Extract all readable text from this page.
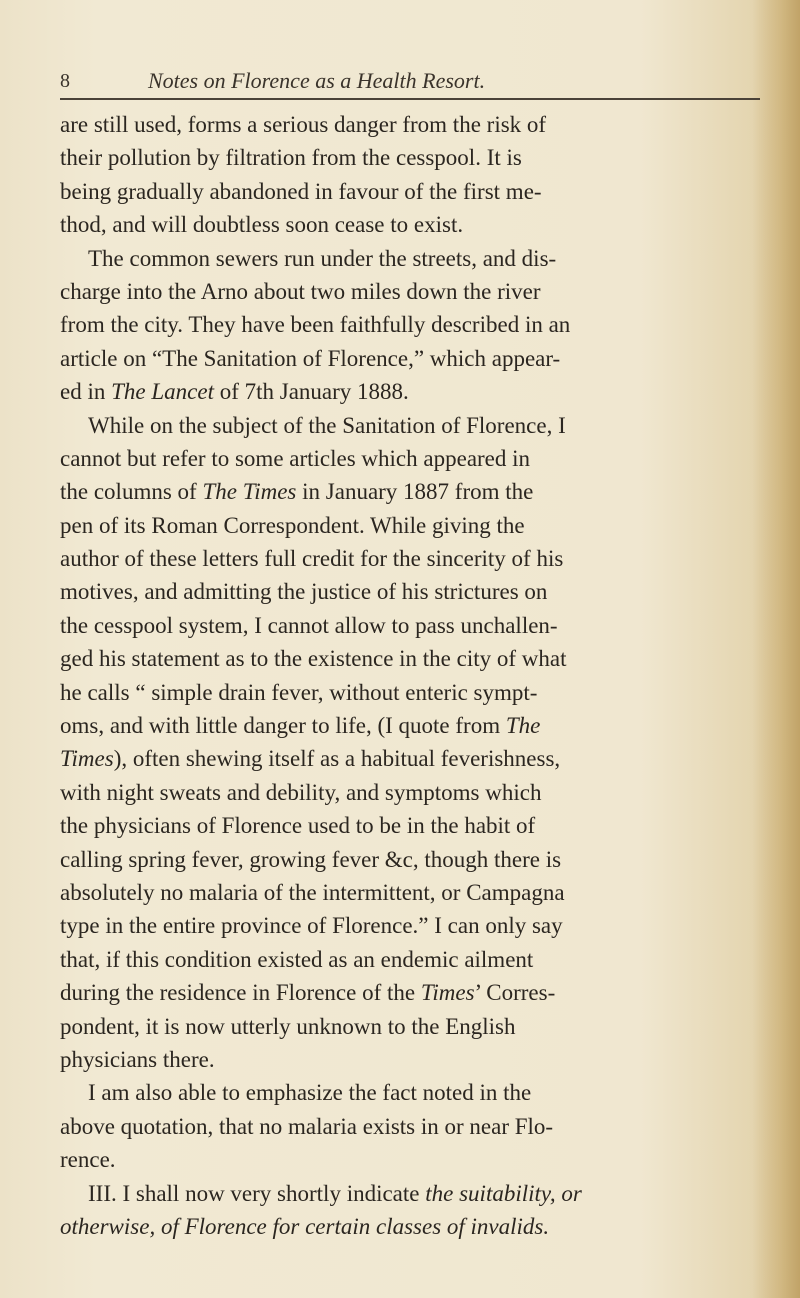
8	Notes on Florence as a Health Resort.
are still used, forms a serious danger from the risk of
their pollution by filtration from the cesspool. It is
being gradually abandoned in favour of the first me-
thod, and will doubtless soon cease to exist.
The common sewers run under the streets, and dis-
charge into the Arno about two miles down the river
from the city. They have been faithfully described in an
article on “The Sanitation of Florence,” which appear-
ed in The Lancet of 7th January 1888.
While on the subject of the Sanitation of Florence, I
cannot but refer to some articles which appeared in
the columns of The Times in January 1887 from the
pen of its Roman Correspondent. While giving the
author of these letters full credit for the sincerity of his
motives, and admitting the justice of his strictures on
the cesspool system, I cannot allow to pass unchallen-
ged his statement as to the existence in the city of what
he calls “ simple drain fever, without enteric sympt-
oms, and with little danger to life, (I quote from The
Times), often shewing itself as a habitual feverishness,
with night sweats and debility, and symptoms which
the physicians of Florence used to be in the habit of
calling spring fever, growing fever &c, though there is
absolutely no malaria of the intermittent, or Campagna
type in the entire province of Florence.” I can only say
that, if this condition existed as an endemic ailment
during the residence in Florence of the Times’ Corres-
pondent, it is now utterly unknown to the English
physicians there.
I am also able to emphasize the fact noted in the
above quotation, that no malaria exists in or near Flo-
rence.
III. I shall now very shortly indicate the suitability, or
otherwise, of Florence for certain classes of invalids.
